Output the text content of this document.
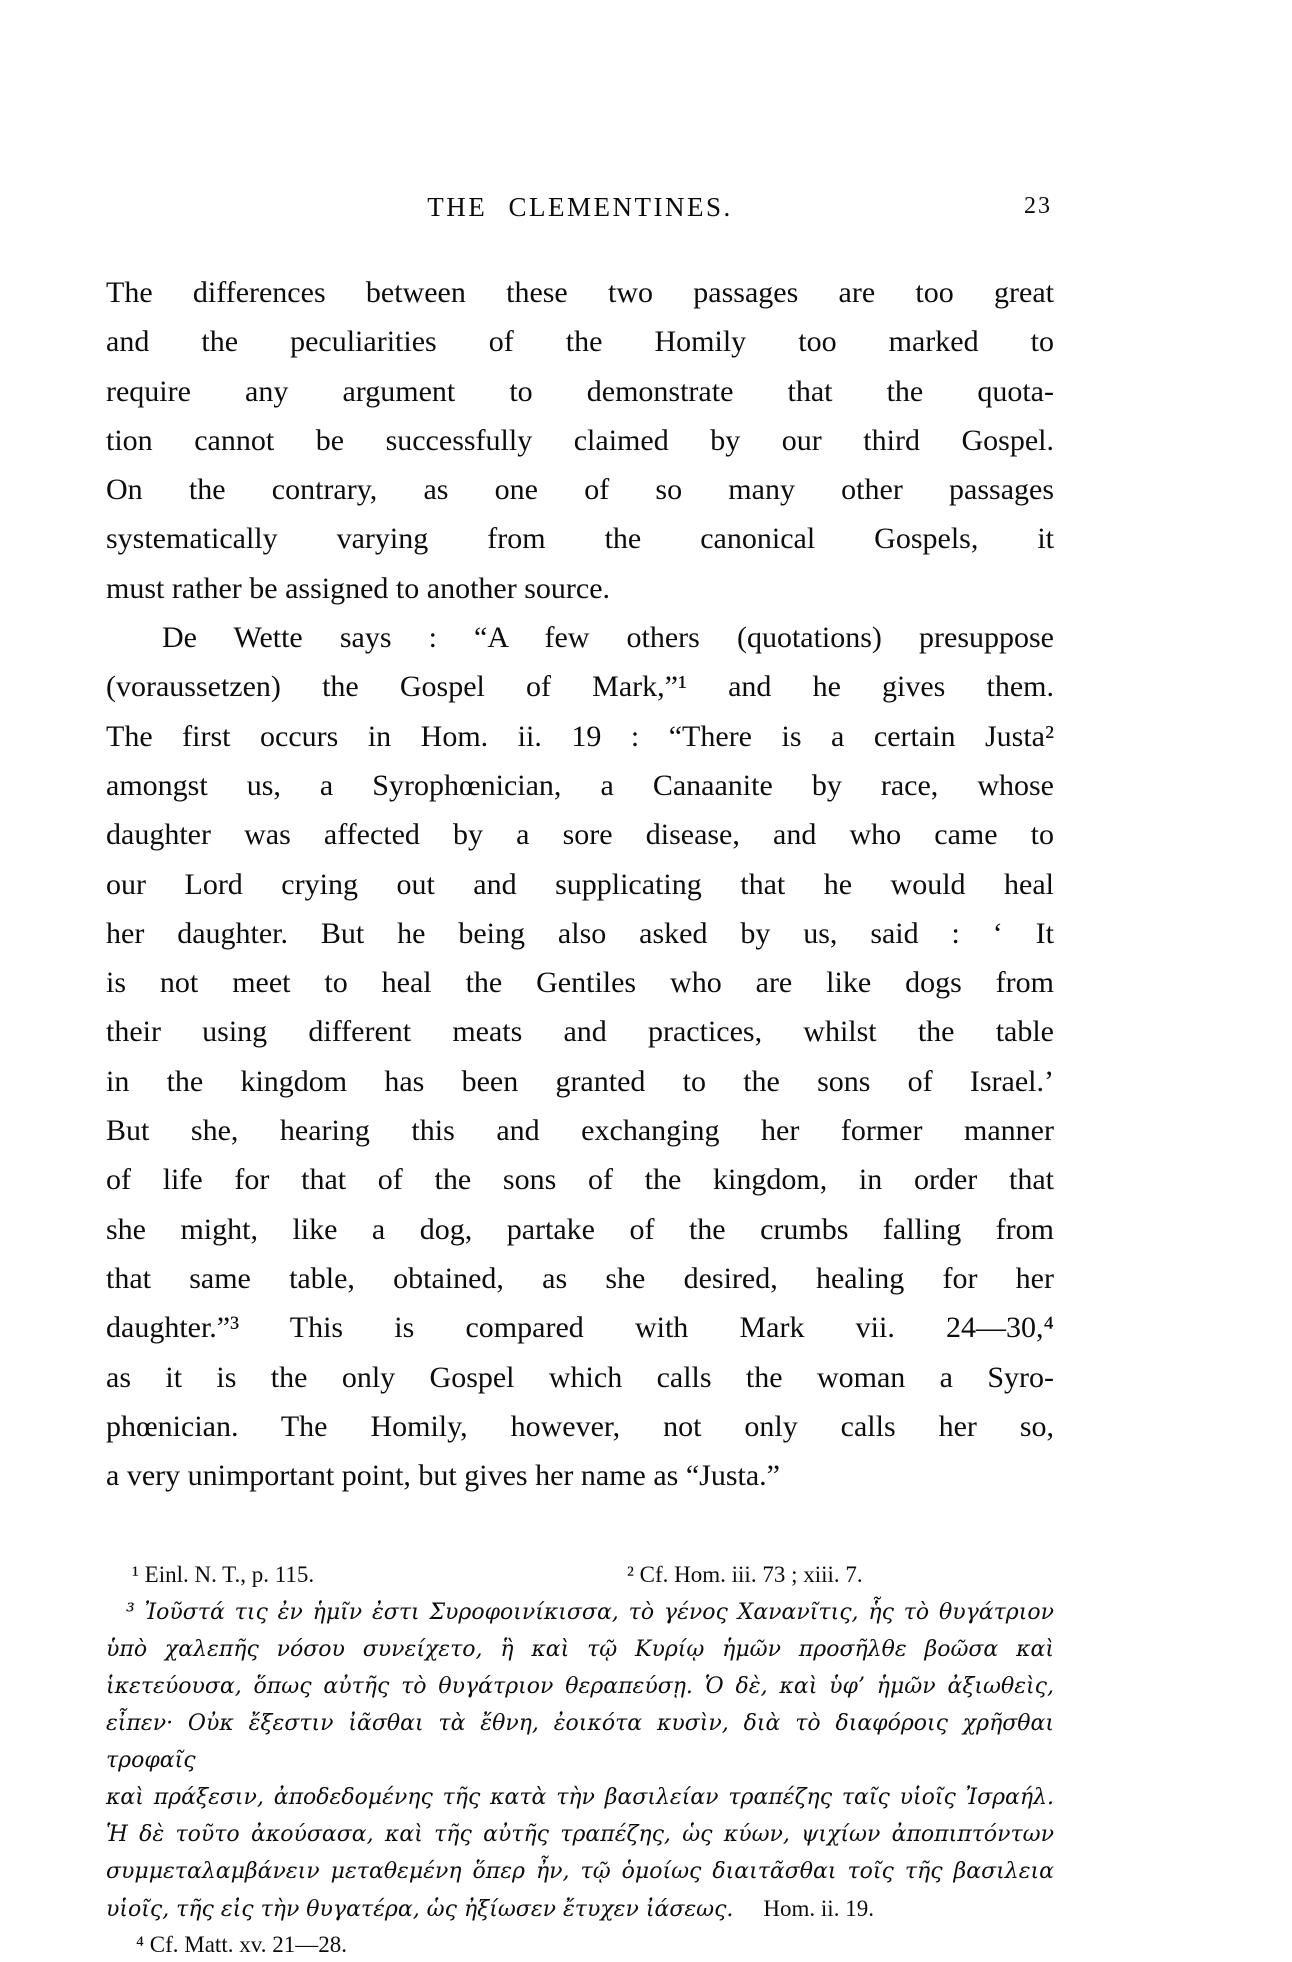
THE CLEMENTINES.	23
The differences between these two passages are too great
and the peculiarities of the Homily too marked to
require any argument to demonstrate that the quota-
tion cannot be successfully claimed by our third Gospel.
On the contrary, as one of so many other passages
systematically varying from the canonical Gospels, it
must rather be assigned to another source.
De Wette says : “A few others (quotations) presuppose
(voraussetzen) the Gospel of Mark,”¹ and he gives them.
The first occurs in Hom. ii. 19 : “There is a certain Justa²
amongst us, a Syrophœnician, a Canaanite by race, whose
daughter was affected by a sore disease, and who came to
our Lord crying out and supplicating that he would heal
her daughter. But he being also asked by us, said : ‘ It
is not meet to heal the Gentiles who are like dogs from
their using different meats and practices, whilst the table
in the kingdom has been granted to the sons of Israel.’
But she, hearing this and exchanging her former manner
of life for that of the sons of the kingdom, in order that
she might, like a dog, partake of the crumbs falling from
that same table, obtained, as she desired, healing for her
daughter.”³ This is compared with Mark vii. 24—30,⁴
as it is the only Gospel which calls the woman a Syro-
phœnician. The Homily, however, not only calls her so,
a very unimportant point, but gives her name as “Justa.”
¹ Einl. N. T., p. 115.	² Cf. Hom. iii. 73 ; xiii. 7.
³ Ἰοῦστά τις ἐν ἡμῖν ἐστι Συροφοινίκισσα, τὸ γένος Χανανῖτις, ἧς τὸ θυγάτριον
ὑπὸ χαλεπῆς νόσου συνείχετο, ἣ καὶ τῷ Κυρίῳ ἡμῶν προσῆλθε βοῶσα καὶ
ἱκετεύουσα, ὅπως αὐτῆς τὸ θυγάτριον θεραπεύσῃ. Ὁ δὲ, καὶ ὑφ’ ἡμῶν ἀξιωθεὶς,
εἶπεν· Οὐκ ἔξεστιν ἰᾶσθαι τὰ ἔθνη, ἐοικότα κυσὶν, διὰ τὸ διαφόροις χρῆσθαι τροφαῖς
καὶ πράξεσιν, ἀποδεδομένης τῆς κατὰ τὴν βασιλείαν τραπέζης ταῖς υἱοῖς Ἰσραήλ.
Ἡ δὲ τοῦτο ἀκούσασα, καὶ τῆς αὐτῆς τραπέζης, ὡς κύων, ψιχίων ἀποπιπτόντων
συμμεταλαμβάνειν μεταθεμένη ὅπερ ἦν, τῷ ὁμοίως διαιτᾶσθαι τοῖς τῆς βασιλεια
υἱοῖς, τῆς εἰς τὴν θυγατέρα, ὡς ἠξίωσεν ἔτυχεν ἰάσεως. Hom. ii. 19.
⁴ Cf. Matt. xv. 21—28.
